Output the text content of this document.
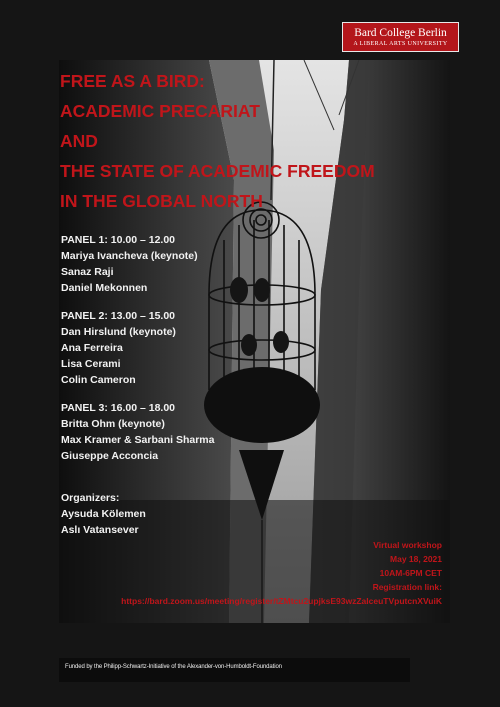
Bard College Berlin
A LIBERAL ARTS UNIVERSITY
FREE AS A BIRD:
ACADEMIC PRECARIAT
AND
THE STATE OF ACADEMIC FREEDOM
IN THE GLOBAL NORTH
PANEL 1: 10.00 – 12.00
Mariya Ivancheva (keynote)
Sanaz Raji
Daniel Mekonnen
PANEL 2: 13.00 – 15.00
Dan Hirslund (keynote)
Ana Ferreira
Lisa Cerami
Colin Cameron
PANEL 3: 16.00 – 18.00
Britta Ohm (keynote)
Max Kramer & Sarbani Sharma
Giuseppe Acconcia
Organizers:
Aysuda Kölemen
Aslı Vatansever
Virtual workshop
May 18, 2021
10AM-6PM CET
Registration link:
https://bard.zoom.us/meeting/register/tZMtcu2upjksE93wzZaIceuTVputcnXVuiK
Funded by the Philipp-Schwartz-Initiative of the Alexander-von-Humboldt-Foundation
